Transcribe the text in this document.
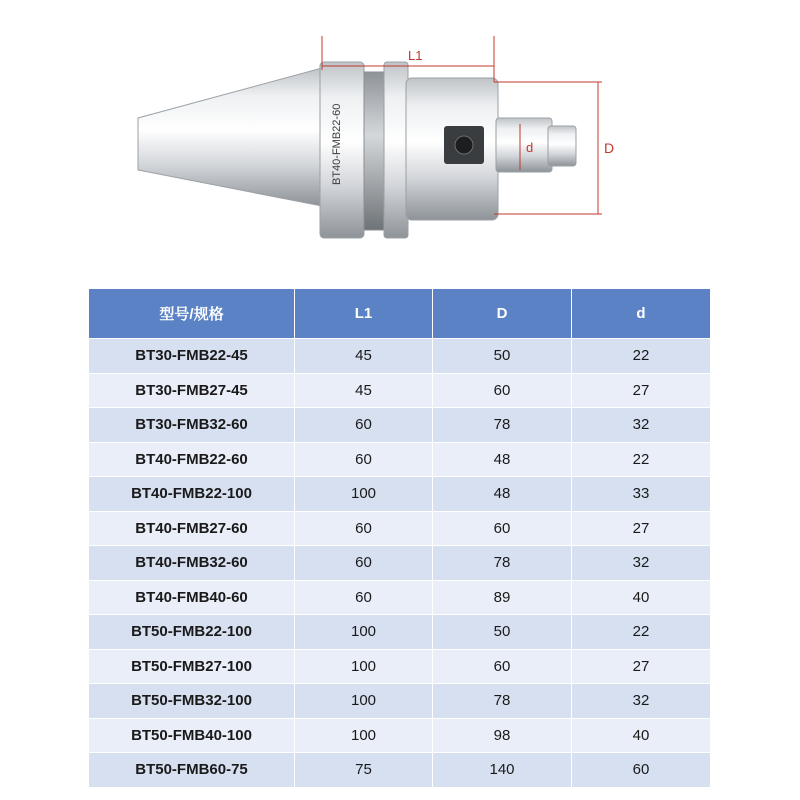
BT40-FMB22-60
L1
D
d
型号/规格	L1	D	d
BT30-FMB22-45	45	50	22
BT30-FMB27-45	45	60	27
BT30-FMB32-60	60	78	32
BT40-FMB22-60	60	48	22
BT40-FMB22-100	100	48	33
BT40-FMB27-60	60	60	27
BT40-FMB32-60	60	78	32
BT40-FMB40-60	60	89	40
BT50-FMB22-100	100	50	22
BT50-FMB27-100	100	60	27
BT50-FMB32-100	100	78	32
BT50-FMB40-100	100	98	40
BT50-FMB60-75	75	140	60
